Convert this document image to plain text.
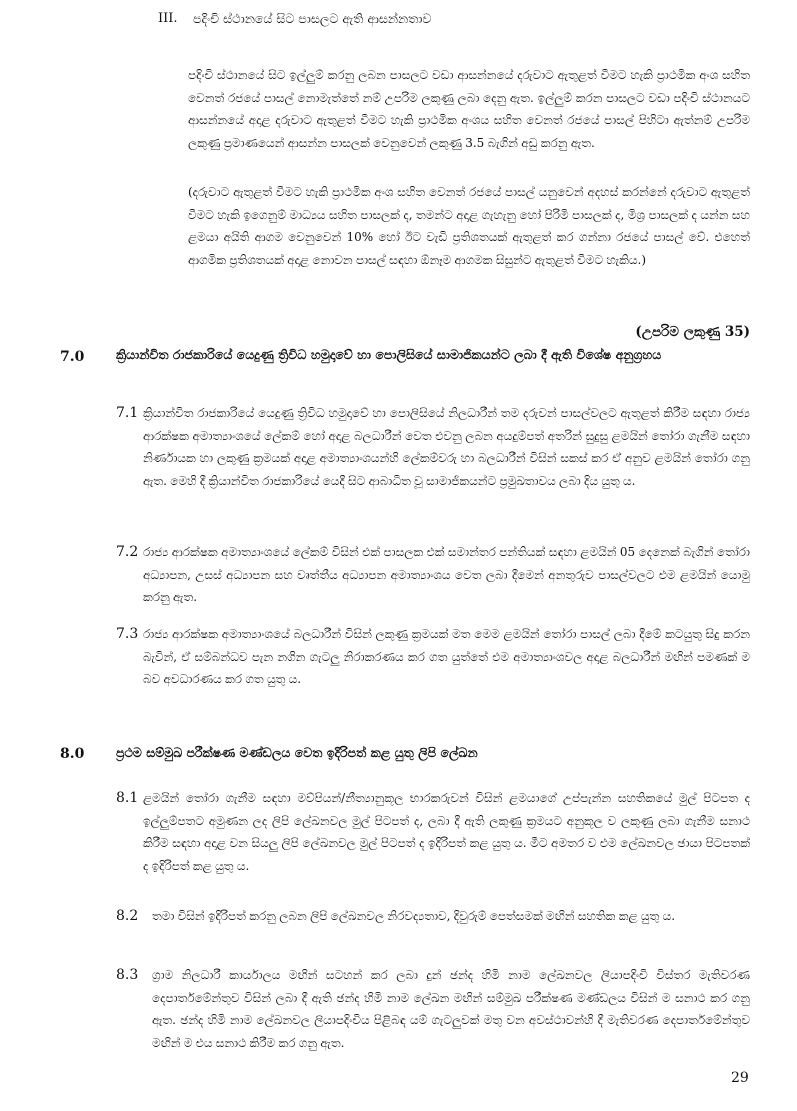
III. පදිංචි ස්ථානයේ සිට පාසලට ඇති ආසන්නතාව

පදිංචි ස්ථානයේ සිට ඉල්ලුම් කරනු ලබන පාසලට වඩා ආසන්නයේ දරුවාට ඇතුළත් වීමට හැකි ප්‍රාථමික අංශ සහිත වෙනත් රජයේ පාසල් නොමැත්තේ නම් උපරිම ලකුණු ලබා දෙනු ඇත. ඉල්ලුම් කරන පාසලට වඩා පදිංචි ස්ථානයට ආසන්නයේ අදාළ දරුවාට ඇතුළත් වීමට හැකි ප්‍රාථමික අංශය සහිත වෙනත් රජයේ පාසල් පිහිටා ඇත්නම් උපරිම ලකුණු ප්‍රමාණයෙන් ආසන්න පාසලක් වෙනුවෙන් ලකුණු 3.5 බැගින් අඩු කරනු ඇත.

(දරුවාට ඇතුළත් වීමට හැකි ප්‍රාථමික අංශ සහිත වෙනත් රජයේ පාසල් යනුවෙන් අදහස් කරන්නේ දරුවාට ඇතුළත් වීමට හැකි ඉගෙනුම් මාධ්‍යය සහිත පාසලක් ද, තමන්ට අදාළ ගැහැනු හෝ පිරිමි පාසලක් ද, මිශ්‍ර පාසලක් ද යන්න සහ ළමයා අයිති ආගම වෙනුවෙන් 10% හෝ ඊට වැඩි ප්‍රතිශතයක් ඇතුළත් කර ගන්නා රජයේ පාසල් වේ. එහෙත් ආගමික ප්‍රතිශතයක් අදාළ නොවන පාසල් සඳහා ඕනෑම ආගමක සිසුන්ට ඇතුළත් වීමට හැකිය.)

(උපරිම ලකුණු 35)
7.0	ක්‍රියාන්විත රාජකාරියේ යෙදුණු ත්‍රිවිධ හමුදාවේ හා පොලිසියේ සාමාජිකයන්ට ලබා දී ඇති විශේෂ අනුග්‍රහය
7.1 ක්‍රියාන්විත රාජකාරියේ යෙදුණු ත්‍රිවිධ හමුදාවේ හා පොලිසියේ නිලධාරීන් තම දරුවන් පාසල්වලට ඇතුළත් කිරීම සඳහා රාජ්‍ය ආරක්ෂක අමාත්‍යාංශයේ ලේකම් හෝ අදාළ බලධාරීන් වෙත එවනු ලබන අයදුම්පත් අතරින් සුදුසු ළමයින් තෝරා ගැනීම සඳහා නිර්ණායක හා ලකුණු ක්‍රමයක් අදාළ අමාත්‍යාංශයන්හි ලේකම්වරු හා බලධාරීන් විසින් සකස් කර ඒ අනුව ළමයින් තෝරා ගනු ඇත. මෙහි දී ක්‍රියාන්විත රාජකාරියේ යෙදී සිට ආබාධිත වූ සාමාජිකයන්ට ප්‍රමුඛතාවය ලබා දිය යුතු ය.

7.2 රාජ්‍ය ආරක්ෂක අමාත්‍යාංශයේ ලේකම් විසින් එක් පාසලක එක් සමාන්තර පන්තියක් සඳහා ළමයින් 05 දෙනෙක් බැගින් තෝරා අධ්‍යාපන, උසස් අධ්‍යාපන සහ වෘත්තීය අධ්‍යාපන අමාත්‍යාංශය වෙත ලබා දීමෙන් අනතුරුව පාසල්වලට එම ළමයින් යොමු කරනු ඇත.

7.3 රාජ්‍ය ආරක්ෂක අමාත්‍යාංශයේ බලධාරීන් විසින් ලකුණු ක්‍රමයක් මත මෙම ළමයින් තෝරා පාසල් ලබා දීමේ කටයුතු සිදු කරන බැවින්, ඒ සම්බන්ධව පැන නගින ගැටලු නිරාකරණය කර ගත යුත්තේ එම අමාත්‍යාංශවල අදාළ බලධාරීන් මඟින් පමණක් ම බව අවධාරණය කර ගත යුතු ය.

8.0	ප්‍රථම සම්මුඛ පරීක්ෂණ මණ්ඩලය වෙත ඉදිරිපත් කළ යුතු ලිපි ලේඛන
8.1 ළමයින් තෝරා ගැනීම සඳහා මව්පියන්/නීත්‍යානුකූල භාරකරුවන් විසින් ළමයාගේ උප්පැන්න සහතිකයේ මුල් පිටපත ද ඉල්ලුම්පතට අමුණන ලද ලිපි ලේඛනවල මුල් පිටපත් ද, ලබා දී ඇති ලකුණු ක්‍රමයට අනුකූල ව ලකුණු ලබා ගැනීම සනාථ කිරීම සඳහා අදාළ වන සියලු ලිපි ලේඛනවල මුල් පිටපත් ද ඉදිරිපත් කළ යුතු ය. මීට අමතර ව එම ලේඛනවල ඡායා පිටපතක් ද ඉදිරිපත් කළ යුතු ය.

8.2 තමා විසින් ඉදිරිපත් කරනු ලබන ලිපි ලේඛනවල නිරවද්‍යතාව, දිවුරුම් පෙත්සමක් මඟින් සහතික කළ යුතු ය.

8.3 ග්‍රාම නිලධාරී කාර්යාලය මඟින් සටහන් කර ලබා දුන් ඡන්ද හිමි නාම ලේඛනවල ලියාපදිංචි විස්තර මැතිවරණ දෙපාර්තමේන්තුව විසින් ලබා දී ඇති ඡන්ද හිමි නාම ලේඛන මඟින් සම්මුඛ පරීක්ෂණ මණ්ඩලය විසින් ම සනාථ කර ගනු ඇත. ඡන්ද හිමි නාම ලේඛනවල ලියාපදිංචිය පිළිබඳ යම් ගැටලුවක් මතු වන අවස්ථාවන්හි දී මැතිවරණ දෙපාර්තමේන්තුව මඟින් ම එය සනාථ කිරීම කර ගනු ඇත.

29
